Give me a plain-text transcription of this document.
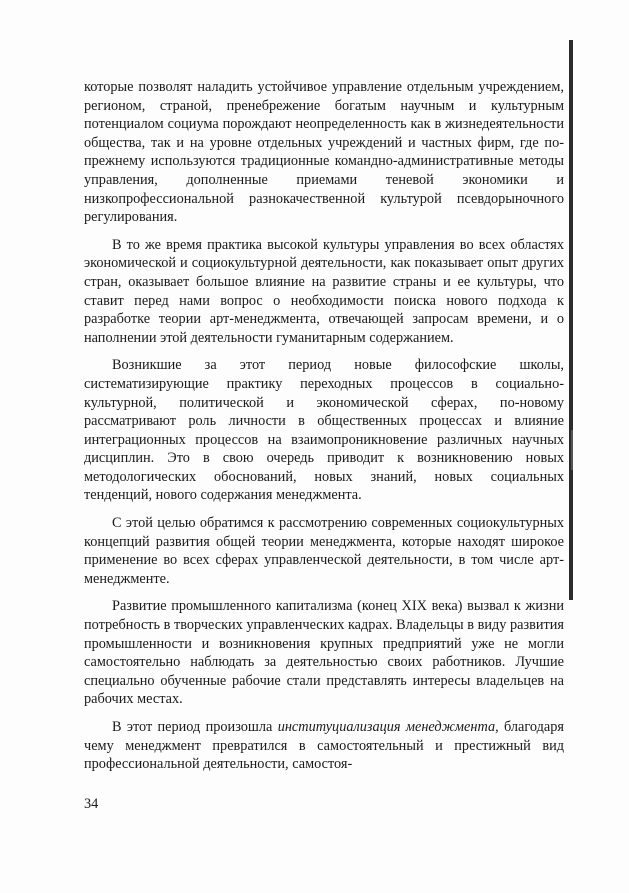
которые позволят наладить устойчивое управление отдельным учреждением, регионом, страной, пренебрежение богатым научным и культурным потенциалом социума порождают неопределенность как в жизнедеятельности общества, так и на уровне отдельных учреждений и частных фирм, где по-прежнему используются традиционные командно-административные методы управления, дополненные приемами теневой экономики и низкопрофессиональной разнокачественной культурой псевдорыночного регулирования.

В то же время практика высокой культуры управления во всех областях экономической и социокультурной деятельности, как показывает опыт других стран, оказывает большое влияние на развитие страны и ее культуры, что ставит перед нами вопрос о необходимости поиска нового подхода к разработке теории арт-менеджмента, отвечающей запросам времени, и о наполнении этой деятельности гуманитарным содержанием.

Возникшие за этот период новые философские школы, систематизирующие практику переходных процессов в социально-культурной, политической и экономической сферах, по-новому рассматривают роль личности в общественных процессах и влияние интеграционных процессов на взаимопроникновение различных научных дисциплин. Это в свою очередь приводит к возникновению новых методологических обоснований, новых знаний, новых социальных тенденций, нового содержания менеджмента.

С этой целью обратимся к рассмотрению современных социокультурных концепций развития общей теории менеджмента, которые находят широкое применение во всех сферах управленческой деятельности, в том числе арт-менеджменте.

Развитие промышленного капитализма (конец XIX века) вызвал к жизни потребность в творческих управленческих кадрах. Владельцы в виду развития промышленности и возникновения крупных предприятий уже не могли самостоятельно наблюдать за деятельностью своих работников. Лучшие специально обученные рабочие стали представлять интересы владельцев на рабочих местах.

В этот период произошла институциализация менеджмента, благодаря чему менеджмент превратился в самостоятельный и престижный вид профессиональной деятельности, самостоя-

34
